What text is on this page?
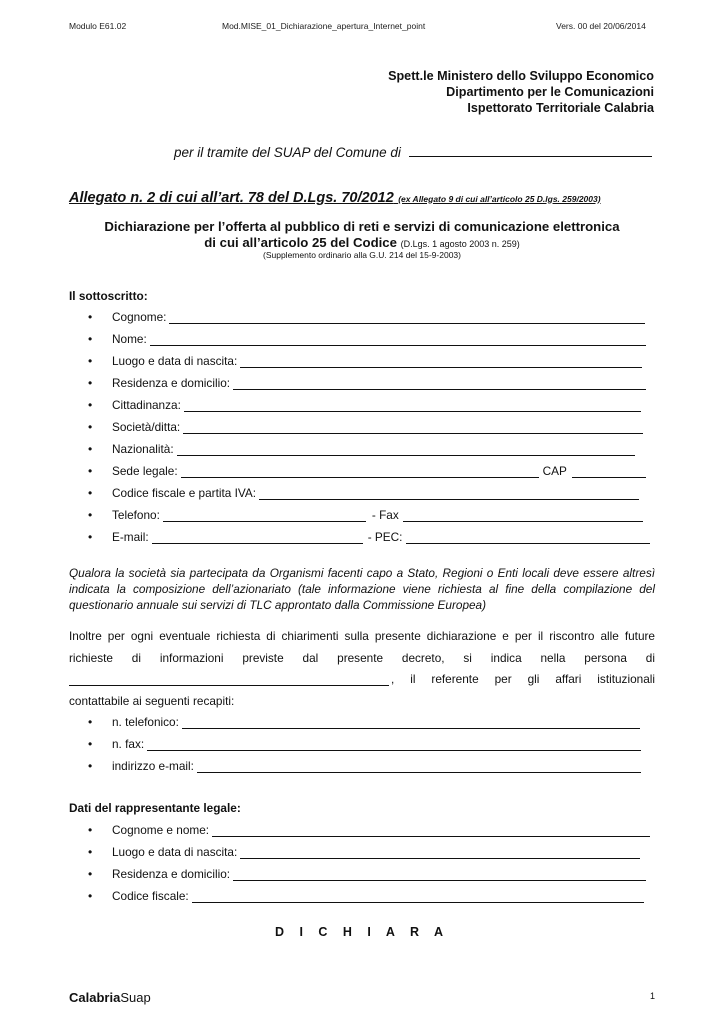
Modulo E61.02	Mod.MISE_01_Dichiarazione_apertura_Internet_point	Vers. 00 del 20/06/2014
Spett.le Ministero dello Sviluppo Economico
Dipartimento per le Comunicazioni
Ispettorato Territoriale Calabria
per il tramite del SUAP del Comune di
Allegato n. 2 di cui all’art. 78 del D.Lgs. 70/2012 (ex Allegato 9 di cui all’articolo 25 D.lgs. 259/2003)
Dichiarazione per l’offerta al pubblico di reti e servizi di comunicazione elettronica
di cui all’articolo 25 del Codice (D.Lgs. 1 agosto 2003 n. 259)
(Supplemento ordinario alla G.U. 214 del 15-9-2003)
Il sottoscritto:
•	Cognome:
•	Nome:
•	Luogo e data di nascita:
•	Residenza e domicilio:
•	Cittadinanza:
•	Società/ditta:
•	Nazionalità:
•	Sede legale:	CAP
•	Codice fiscale e partita IVA:
•	Telefono:	- Fax
•	E-mail:	- PEC:
Qualora la società sia partecipata da Organismi facenti capo a Stato, Regioni o Enti locali deve essere altresì indicata la composizione dell’azionariato (tale informazione viene richiesta al fine della compilazione del questionario annuale sui servizi di TLC approntato dalla Commissione Europea)
Inoltre per ogni eventuale richiesta di chiarimenti sulla presente dichiarazione e per il riscontro alle future
richieste di informazioni previste dal presente decreto, si indica nella persona di
, il referente per gli affari istituzionali
contattabile ai seguenti recapiti:
•	n. telefonico:
•	n. fax:
•	indirizzo e-mail:
Dati del rappresentante legale:
•	Cognome e nome:
•	Luogo e data di nascita:
•	Residenza e domicilio:
•	Codice fiscale:
D I C H I A R A
CalabriaSuap	1
